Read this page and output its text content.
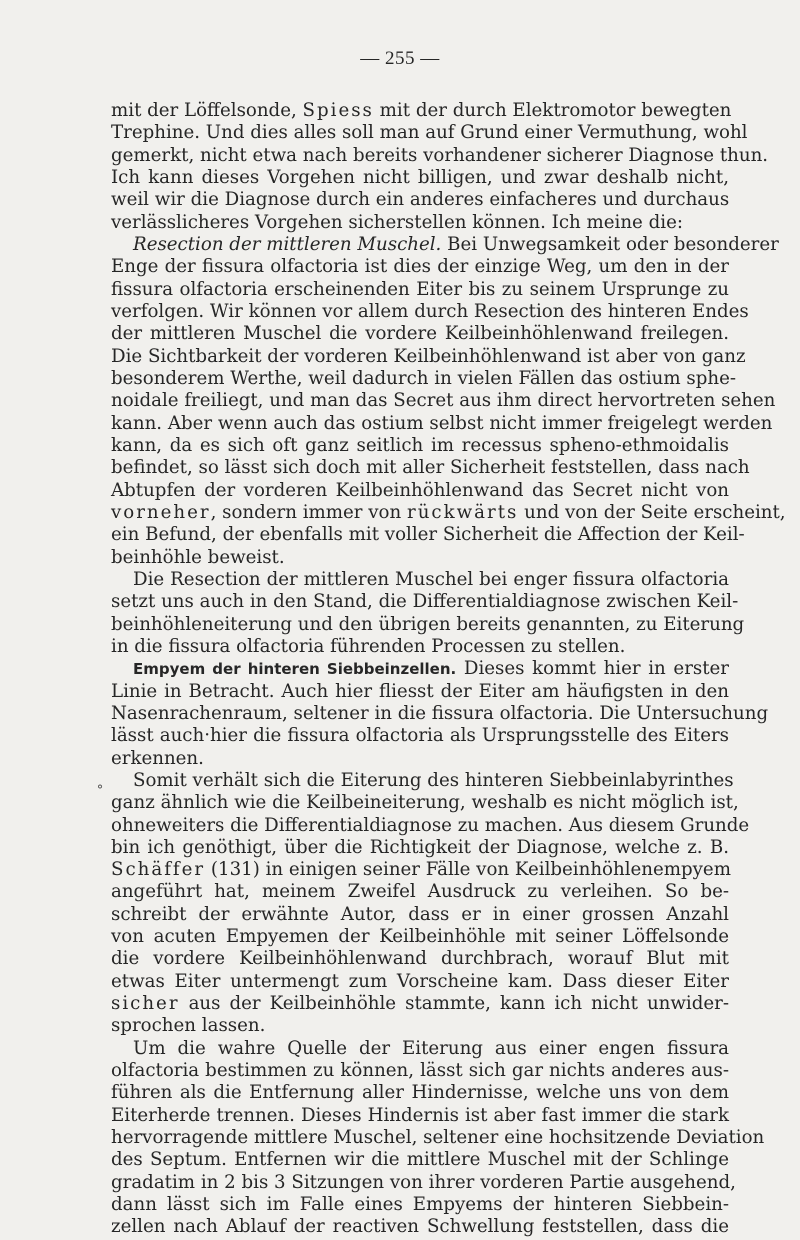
— 255 —
⚬
mit der Löffelsonde, Spiess mit der durch Elektromotor bewegten
Trephine. Und dies alles soll man auf Grund einer Vermuthung, wohl
gemerkt, nicht etwa nach bereits vorhandener sicherer Diagnose thun.
Ich kann dieses Vorgehen nicht billigen, und zwar deshalb nicht,
weil wir die Diagnose durch ein anderes einfacheres und durchaus
verlässlicheres Vorgehen sicherstellen können. Ich meine die:
Resection der mittleren Muschel. Bei Unwegsamkeit oder besonderer
Enge der fissura olfactoria ist dies der einzige Weg, um den in der
fissura olfactoria erscheinenden Eiter bis zu seinem Ursprunge zu
verfolgen. Wir können vor allem durch Resection des hinteren Endes
der mittleren Muschel die vordere Keilbeinhöhlenwand freilegen.
Die Sichtbarkeit der vorderen Keilbeinhöhlenwand ist aber von ganz
besonderem Werthe, weil dadurch in vielen Fällen das ostium sphe-
noidale freiliegt, und man das Secret aus ihm direct hervortreten sehen
kann. Aber wenn auch das ostium selbst nicht immer freigelegt werden
kann, da es sich oft ganz seitlich im recessus spheno-ethmoidalis
befindet, so lässt sich doch mit aller Sicherheit feststellen, dass nach
Abtupfen der vorderen Keilbeinhöhlenwand das Secret nicht von
vorneher, sondern immer von rückwärts und von der Seite erscheint,
ein Befund, der ebenfalls mit voller Sicherheit die Affection der Keil-
beinhöhle beweist.
Die Resection der mittleren Muschel bei enger fissura olfactoria
setzt uns auch in den Stand, die Differentialdiagnose zwischen Keil-
beinhöhleneiterung und den übrigen bereits genannten, zu Eiterung
in die fissura olfactoria führenden Processen zu stellen.
Empyem der hinteren Siebbeinzellen. Dieses kommt hier in erster
Linie in Betracht. Auch hier fliesst der Eiter am häufigsten in den
Nasenrachenraum, seltener in die fissura olfactoria. Die Untersuchung
lässt auch·hier die fissura olfactoria als Ursprungsstelle des Eiters
erkennen.
Somit verhält sich die Eiterung des hinteren Siebbeinlabyrinthes
ganz ähnlich wie die Keilbeineiterung, weshalb es nicht möglich ist,
ohneweiters die Differentialdiagnose zu machen. Aus diesem Grunde
bin ich genöthigt, über die Richtigkeit der Diagnose, welche z. B.
Schäffer (131) in einigen seiner Fälle von Keilbeinhöhlenempyem
angeführt hat, meinem Zweifel Ausdruck zu verleihen. So be-
schreibt der erwähnte Autor, dass er in einer grossen Anzahl
von acuten Empyemen der Keilbeinhöhle mit seiner Löffelsonde
die vordere Keilbeinhöhlenwand durchbrach, worauf Blut mit
etwas Eiter untermengt zum Vorscheine kam. Dass dieser Eiter
sicher aus der Keilbeinhöhle stammte, kann ich nicht unwider-
sprochen lassen.
Um die wahre Quelle der Eiterung aus einer engen fissura
olfactoria bestimmen zu können, lässt sich gar nichts anderes aus-
führen als die Entfernung aller Hindernisse, welche uns von dem
Eiterherde trennen. Dieses Hindernis ist aber fast immer die stark
hervorragende mittlere Muschel, seltener eine hochsitzende Deviation
des Septum. Entfernen wir die mittlere Muschel mit der Schlinge
gradatim in 2 bis 3 Sitzungen von ihrer vorderen Partie ausgehend,
dann lässt sich im Falle eines Empyems der hinteren Siebbein-
zellen nach Ablauf der reactiven Schwellung feststellen, dass die
